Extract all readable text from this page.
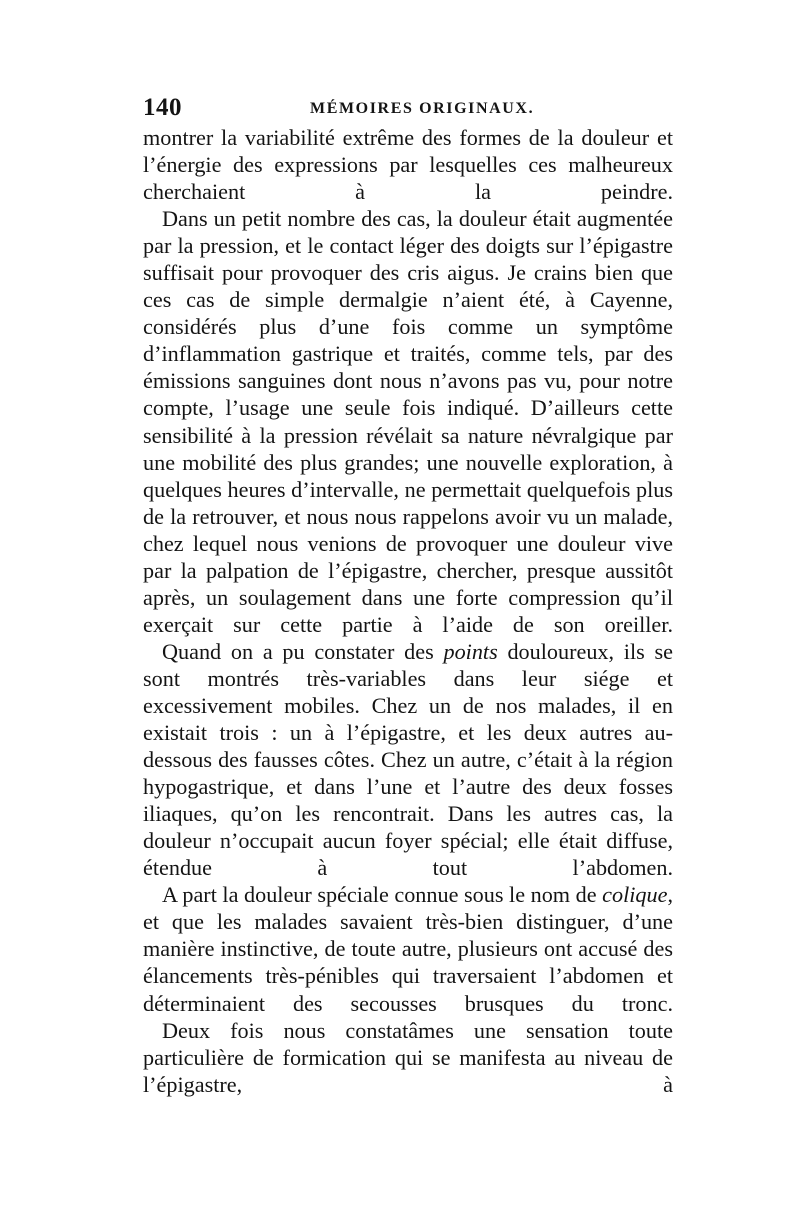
140	MÉMOIRES ORIGINAUX.

montrer la variabilité extrême des formes de la douleur et l’énergie des expressions par lesquelles ces malheureux cherchaient à la peindre.

Dans un petit nombre des cas, la douleur était augmentée par la pression, et le contact léger des doigts sur l’épigastre suffisait pour provoquer des cris aigus. Je crains bien que ces cas de simple dermalgie n’aient été, à Cayenne, considérés plus d’une fois comme un symptôme d’inflammation gastrique et traités, comme tels, par des émissions sanguines dont nous n’avons pas vu, pour notre compte, l’usage une seule fois indiqué. D’ailleurs cette sensibilité à la pression révélait sa nature névralgique par une mobilité des plus grandes; une nouvelle exploration, à quelques heures d’intervalle, ne permettait quelquefois plus de la retrouver, et nous nous rappelons avoir vu un malade, chez lequel nous venions de provoquer une douleur vive par la palpation de l’épigastre, chercher, presque aussitôt après, un soulagement dans une forte compression qu’il exerçait sur cette partie à l’aide de son oreiller.

Quand on a pu constater des points douloureux, ils se sont montrés très-variables dans leur siége et excessivement mobiles. Chez un de nos malades, il en existait trois : un à l’épigastre, et les deux autres au-dessous des fausses côtes. Chez un autre, c’était à la région hypogastrique, et dans l’une et l’autre des deux fosses iliaques, qu’on les rencontrait. Dans les autres cas, la douleur n’occupait aucun foyer spécial; elle était diffuse, étendue à tout l’abdomen.

A part la douleur spéciale connue sous le nom de colique, et que les malades savaient très-bien distinguer, d’une manière instinctive, de toute autre, plusieurs ont accusé des élancements très-pénibles qui traversaient l’abdomen et déterminaient des secousses brusques du tronc.

Deux fois nous constatâmes une sensation toute particulière de formication qui se manifesta au niveau de l’épigastre, à
